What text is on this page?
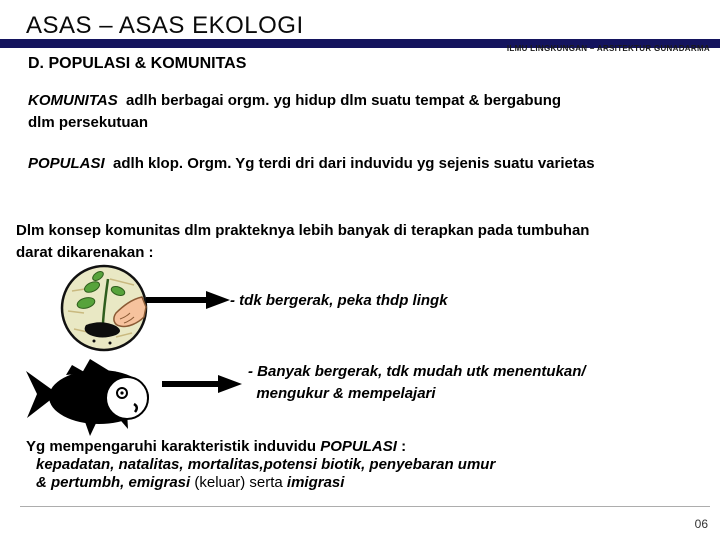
ASAS – ASAS EKOLOGI
ILMU LINGKUNGAN – ARSITEKTUR GUNADARMA
D. POPULASI & KOMUNITAS
KOMUNITAS  adlh berbagai orgm. yg hidup dlm suatu tempat & bergabung
dlm persekutuan
POPULASI  adlh klop. Orgm. Yg terdi dri dari induvidu yg sejenis suatu varietas
Dlm konsep komunitas dlm prakteknya lebih banyak di terapkan pada tumbuhan
darat dikarenakan :
- tdk bergerak, peka thdp lingk
- Banyak bergerak, tdk mudah utk menentukan/
mengukur & mempelajari
Yg mempengaruhi karakteristik induvidu POPULASI :
kepadatan, natalitas, mortalitas,potensi biotik, penyebaran umur
& pertumbh, emigrasi (keluar) serta imigrasi
06
